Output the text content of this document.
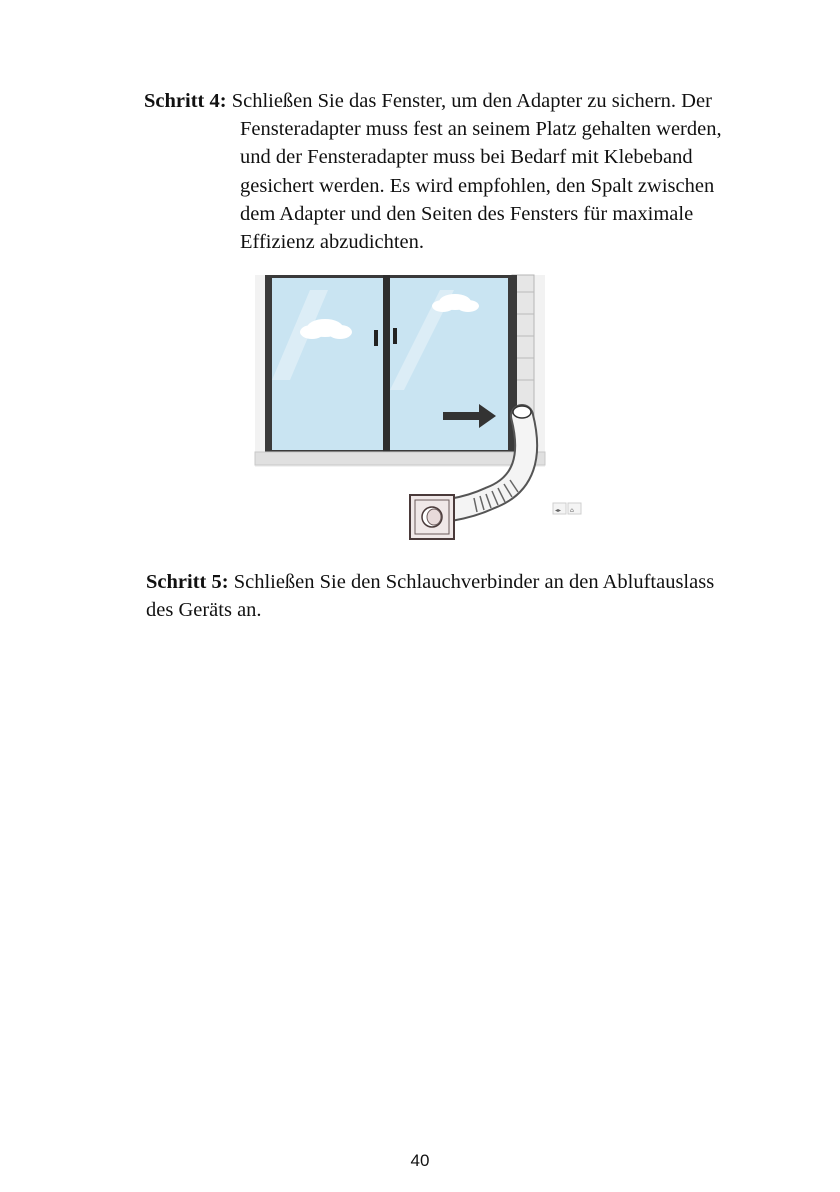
Schritt 4: Schließen Sie das Fenster, um den Adapter zu sichern. Der

Fensteradapter muss fest an seinem Platz gehalten werden,
und der Fensteradapter muss bei Bedarf mit Klebeband
gesichert werden. Es wird empfohlen, den Spalt zwischen
dem Adapter und den Seiten des Fensters für maximale
Effizienz abzudichten.

◂▸ ⌂

Schritt 5: Schließen Sie den Schlauchverbinder an den Abluftauslass
des Geräts an.

40
